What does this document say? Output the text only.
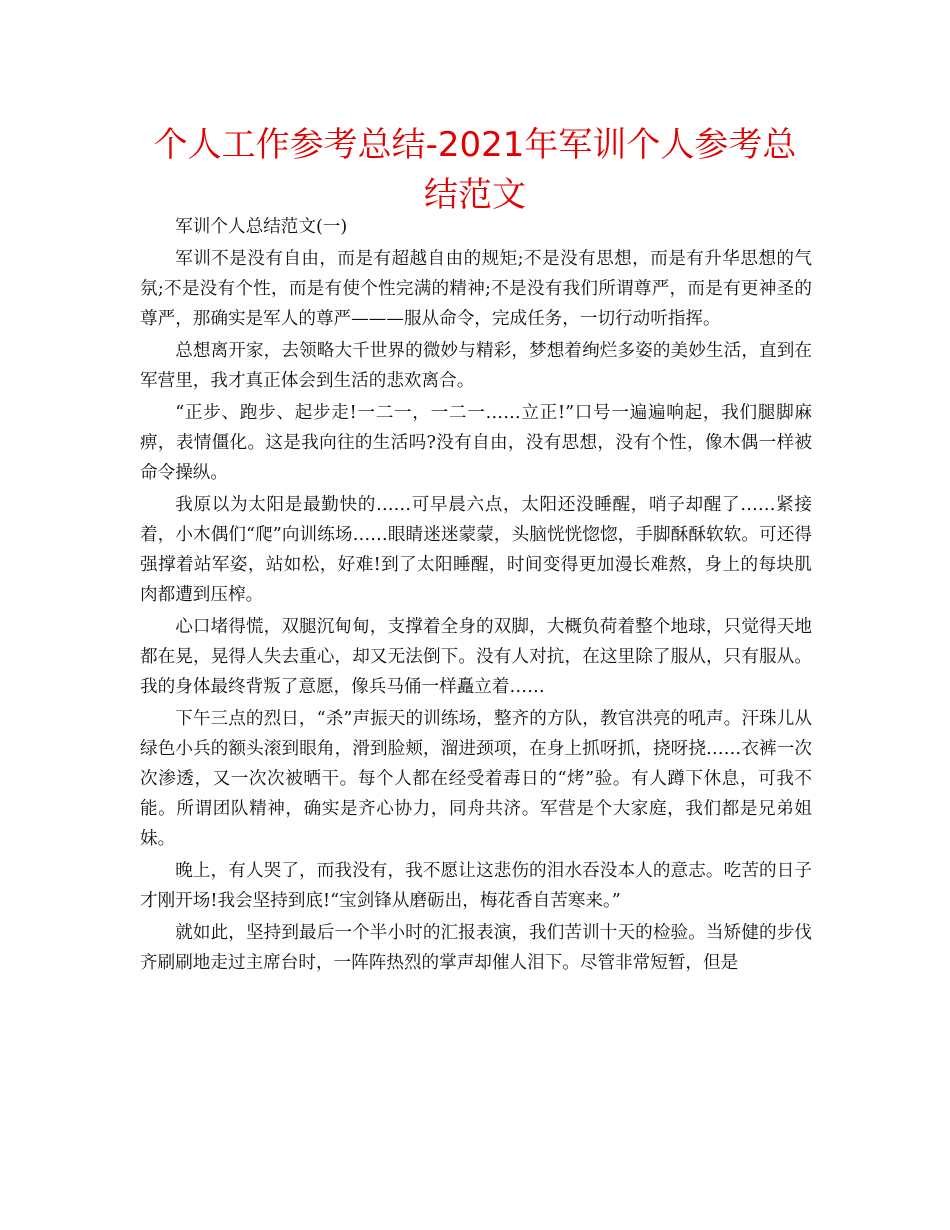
个人工作参考总结-2021年军训个人参考总结范文

军训个人总结范文(一)

军训不是没有自由，而是有超越自由的规矩;不是没有思想，而是有升华思想的气氛;不是没有个性，而是有使个性完满的精神;不是没有我们所谓尊严，而是有更神圣的尊严，那确实是军人的尊严———服从命令，完成任务，一切行动听指挥。

总想离开家，去领略大千世界的微妙与精彩，梦想着绚烂多姿的美妙生活，直到在军营里，我才真正体会到生活的悲欢离合。

“正步、跑步、起步走!一二一，一二一……立正!”口号一遍遍响起，我们腿脚麻痹，表情僵化。这是我向往的生活吗?没有自由，没有思想，没有个性，像木偶一样被命令操纵。

我原以为太阳是最勤快的……可早晨六点，太阳还没睡醒，哨子却醒了……紧接着，小木偶们“爬”向训练场……眼睛迷迷蒙蒙，头脑恍恍惚惚，手脚酥酥软软。可还得强撑着站军姿，站如松，好难!到了太阳睡醒，时间变得更加漫长难熬，身上的每块肌肉都遭到压榨。

心口堵得慌，双腿沉甸甸，支撑着全身的双脚，大概负荷着整个地球，只觉得天地都在晃，晃得人失去重心，却又无法倒下。没有人对抗，在这里除了服从，只有服从。我的身体最终背叛了意愿，像兵马俑一样矗立着……

下午三点的烈日，“杀”声振天的训练场，整齐的方队，教官洪亮的吼声。汗珠儿从绿色小兵的额头滚到眼角，滑到脸颊，溜进颈项，在身上抓呀抓，挠呀挠……衣裤一次次渗透，又一次次被晒干。每个人都在经受着毒日的“烤”验。有人蹲下休息，可我不能。所谓团队精神，确实是齐心协力，同舟共济。军营是个大家庭，我们都是兄弟姐妹。

晚上，有人哭了，而我没有，我不愿让这悲伤的泪水吞没本人的意志。吃苦的日子才刚开场!我会坚持到底!“宝剑锋从磨砺出，梅花香自苦寒来。”

就如此，坚持到最后一个半小时的汇报表演，我们苦训十天的检验。当矫健的步伐齐刷刷地走过主席台时，一阵阵热烈的掌声却催人泪下。尽管非常短暂，但是
